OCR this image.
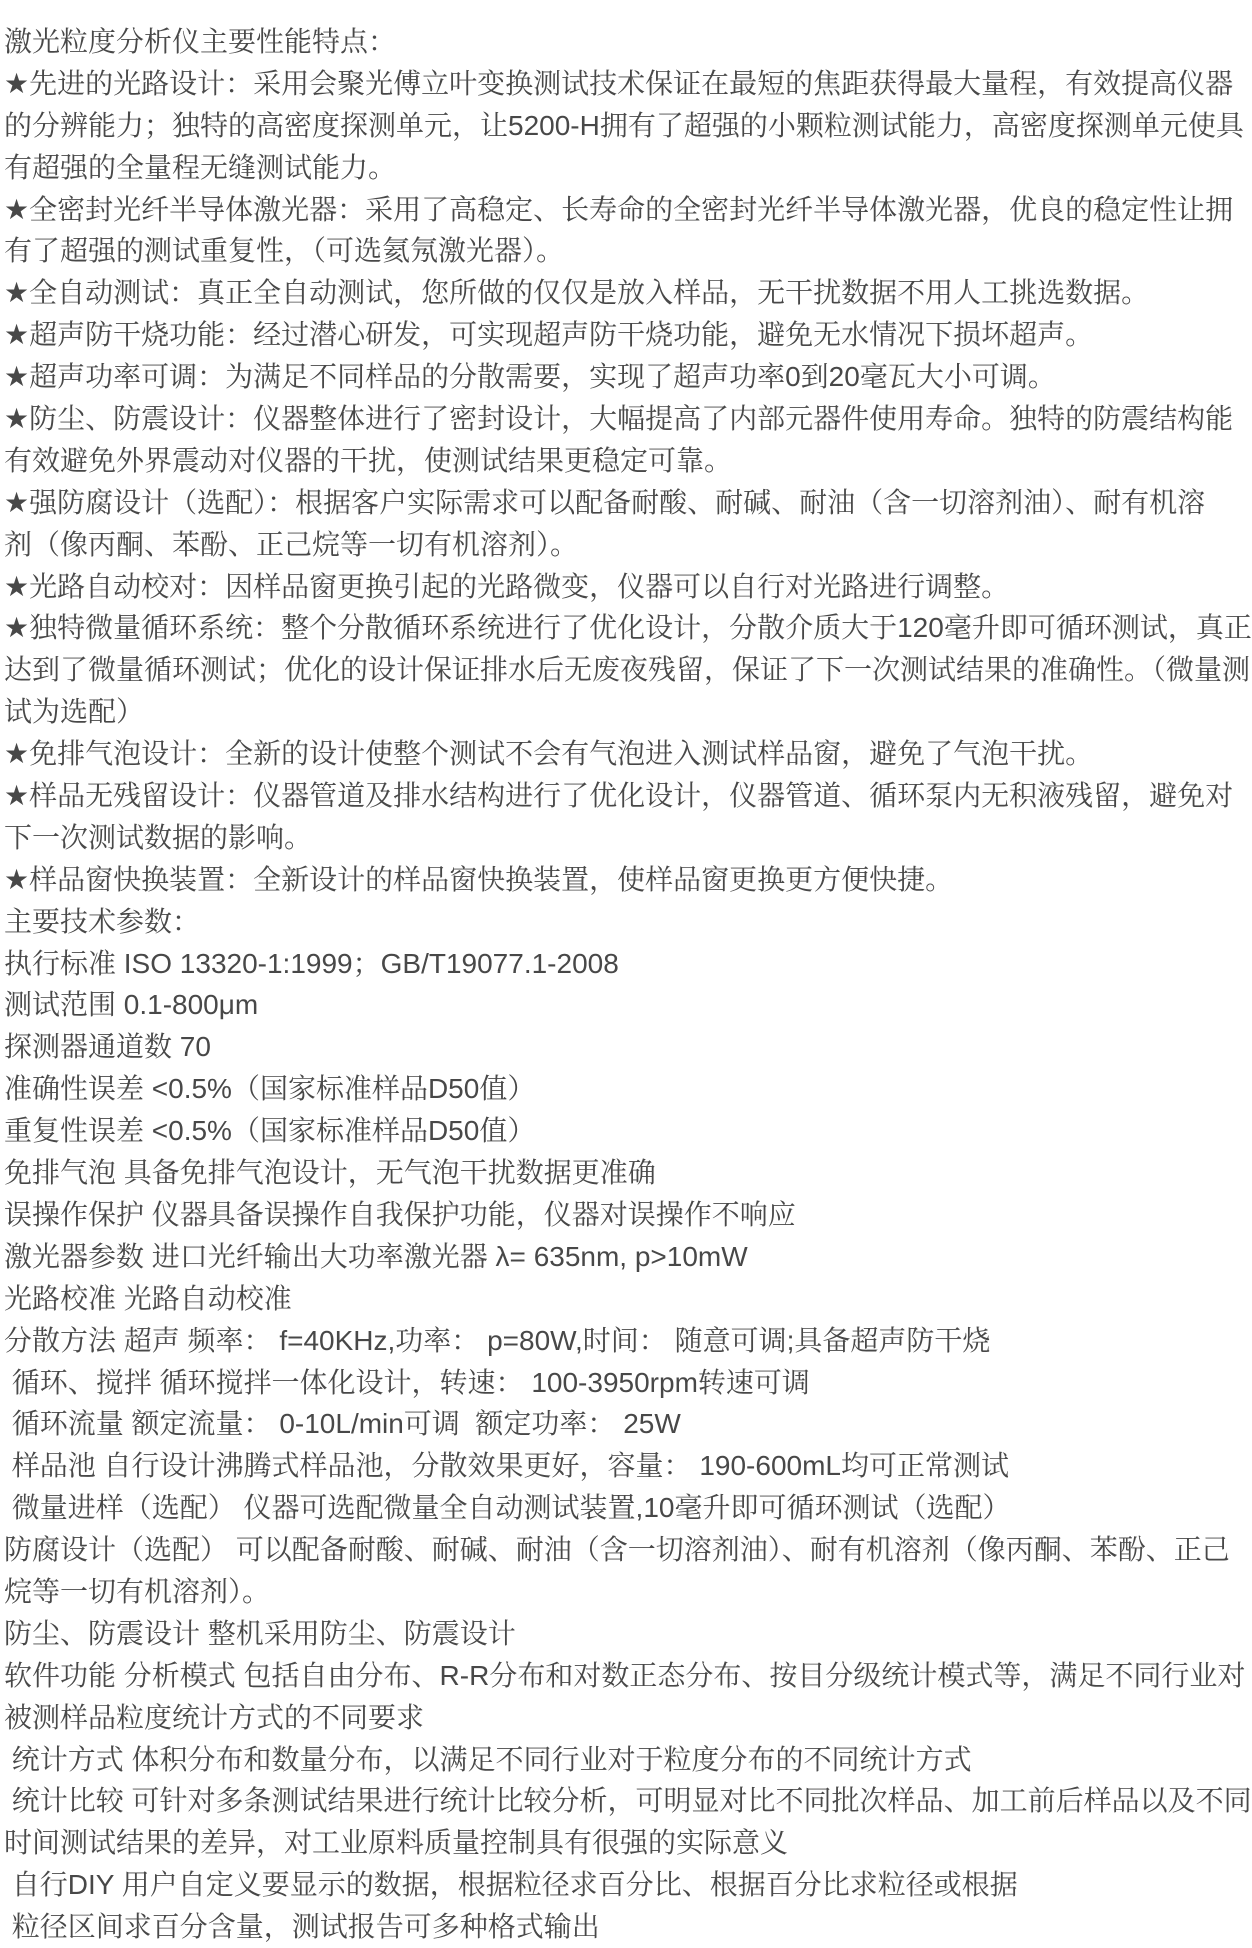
激光粒度分析仪主要性能特点：
★先进的光路设计：采用会聚光傅立叶变换测试技术保证在最短的焦距获得最大量程，有效提高仪器
的分辨能力；独特的高密度探测单元，让5200-H拥有了超强的小颗粒测试能力，高密度探测单元使具
有超强的全量程无缝测试能力。
★全密封光纤半导体激光器：采用了高稳定、长寿命的全密封光纤半导体激光器，优良的稳定性让拥
有了超强的测试重复性，（可选氦氖激光器）。
★全自动测试：真正全自动测试，您所做的仅仅是放入样品，无干扰数据不用人工挑选数据。
★超声防干烧功能：经过潜心研发，可实现超声防干烧功能，避免无水情况下损坏超声。
★超声功率可调：为满足不同样品的分散需要，实现了超声功率0到20毫瓦大小可调。
★防尘、防震设计：仪器整体进行了密封设计，大幅提高了内部元器件使用寿命。独特的防震结构能
有效避免外界震动对仪器的干扰，使测试结果更稳定可靠。
★强防腐设计（选配）：根据客户实际需求可以配备耐酸、耐碱、耐油（含一切溶剂油）、耐有机溶
剂（像丙酮、苯酚、正己烷等一切有机溶剂）。
★光路自动校对：因样品窗更换引起的光路微变，仪器可以自行对光路进行调整。
★独特微量循环系统：整个分散循环系统进行了优化设计，分散介质大于120毫升即可循环测试，真正
达到了微量循环测试；优化的设计保证排水后无废夜残留，保证了下一次测试结果的准确性。（微量测
试为选配）
★免排气泡设计：全新的设计使整个测试不会有气泡进入测试样品窗，避免了气泡干扰。
★样品无残留设计：仪器管道及排水结构进行了优化设计，仪器管道、循环泵内无积液残留，避免对
下一次测试数据的影响。
★样品窗快换装置：全新设计的样品窗快换装置，使样品窗更换更方便快捷。
主要技术参数：
执行标准 ISO 13320-1:1999；GB/T19077.1-2008
测试范围 0.1-800μm
探测器通道数 70
准确性误差 <0.5%（国家标准样品D50值）
重复性误差 <0.5%（国家标准样品D50值）
免排气泡 具备免排气泡设计，无气泡干扰数据更准确
误操作保护 仪器具备误操作自我保护功能，仪器对误操作不响应
激光器参数 进口光纤输出大功率激光器 λ= 635nm, p>10mW
光路校准 光路自动校准
分散方法 超声 频率： f=40KHz,功率： p=80W,时间： 随意可调;具备超声防干烧
循环、搅拌 循环搅拌一体化设计，转速： 100-3950rpm转速可调
循环流量 额定流量： 0-10L/min可调  额定功率： 25W
样品池 自行设计沸腾式样品池，分散效果更好，容量： 190-600mL均可正常测试
微量进样（选配） 仪器可选配微量全自动测试装置,10毫升即可循环测试（选配）
防腐设计（选配） 可以配备耐酸、耐碱、耐油（含一切溶剂油）、耐有机溶剂（像丙酮、苯酚、正己
烷等一切有机溶剂）。
防尘、防震设计 整机采用防尘、防震设计
软件功能 分析模式 包括自由分布、R-R分布和对数正态分布、按目分级统计模式等，满足不同行业对
被测样品粒度统计方式的不同要求
统计方式 体积分布和数量分布，以满足不同行业对于粒度分布的不同统计方式
统计比较 可针对多条测试结果进行统计比较分析，可明显对比不同批次样品、加工前后样品以及不同
时间测试结果的差异，对工业原料质量控制具有很强的实际意义
自行DIY 用户自定义要显示的数据，根据粒径求百分比、根据百分比求粒径或根据
粒径区间求百分含量，测试报告可多种格式输出
